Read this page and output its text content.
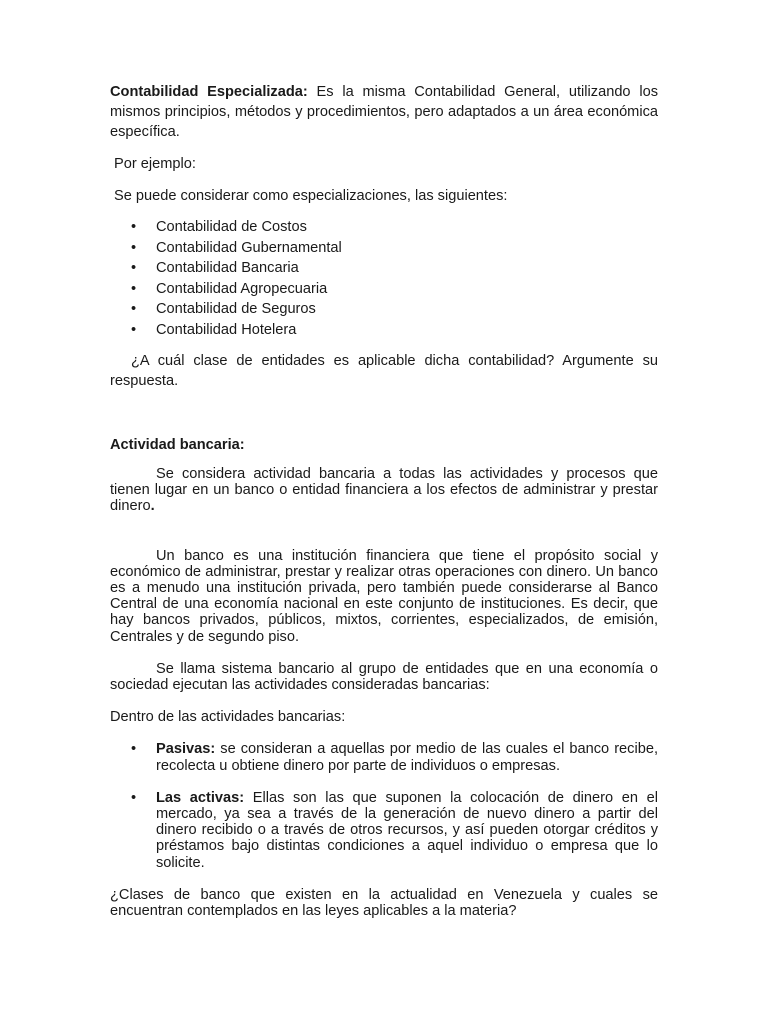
Contabilidad Especializada: Es la misma Contabilidad General, utilizando los mismos principios, métodos y procedimientos, pero adaptados a un área económica específica.

Por ejemplo:

Se puede considerar como especializaciones, las siguientes:

• Contabilidad de Costos
• Contabilidad Gubernamental
• Contabilidad Bancaria
• Contabilidad Agropecuaria
• Contabilidad de Seguros
• Contabilidad Hotelera

¿A cuál clase de entidades es aplicable dicha contabilidad? Argumente su respuesta.

Actividad bancaria:

Se considera actividad bancaria a todas las actividades y procesos que tienen lugar en un banco o entidad financiera a los efectos de administrar y prestar dinero.

Un banco es una institución financiera que tiene el propósito social y económico de administrar, prestar y realizar otras operaciones con dinero. Un banco es a menudo una institución privada, pero también puede considerarse al Banco Central de una economía nacional en este conjunto de instituciones. Es decir, que hay bancos privados, públicos, mixtos, corrientes, especializados, de emisión, Centrales y de segundo piso.

Se llama sistema bancario al grupo de entidades que en una economía o sociedad ejecutan las actividades consideradas bancarias:

Dentro de las actividades bancarias:

• Pasivas: se consideran a aquellas por medio de las cuales el banco recibe, recolecta u obtiene dinero por parte de individuos o empresas.
• Las activas: Ellas son las que suponen la colocación de dinero en el mercado, ya sea a través de la generación de nuevo dinero a partir del dinero recibido o a través de otros recursos, y así pueden otorgar créditos y préstamos bajo distintas condiciones a aquel individuo o empresa que lo solicite.

¿Clases de banco que existen en la actualidad en Venezuela y cuales se encuentran contemplados en las leyes aplicables a la materia?
